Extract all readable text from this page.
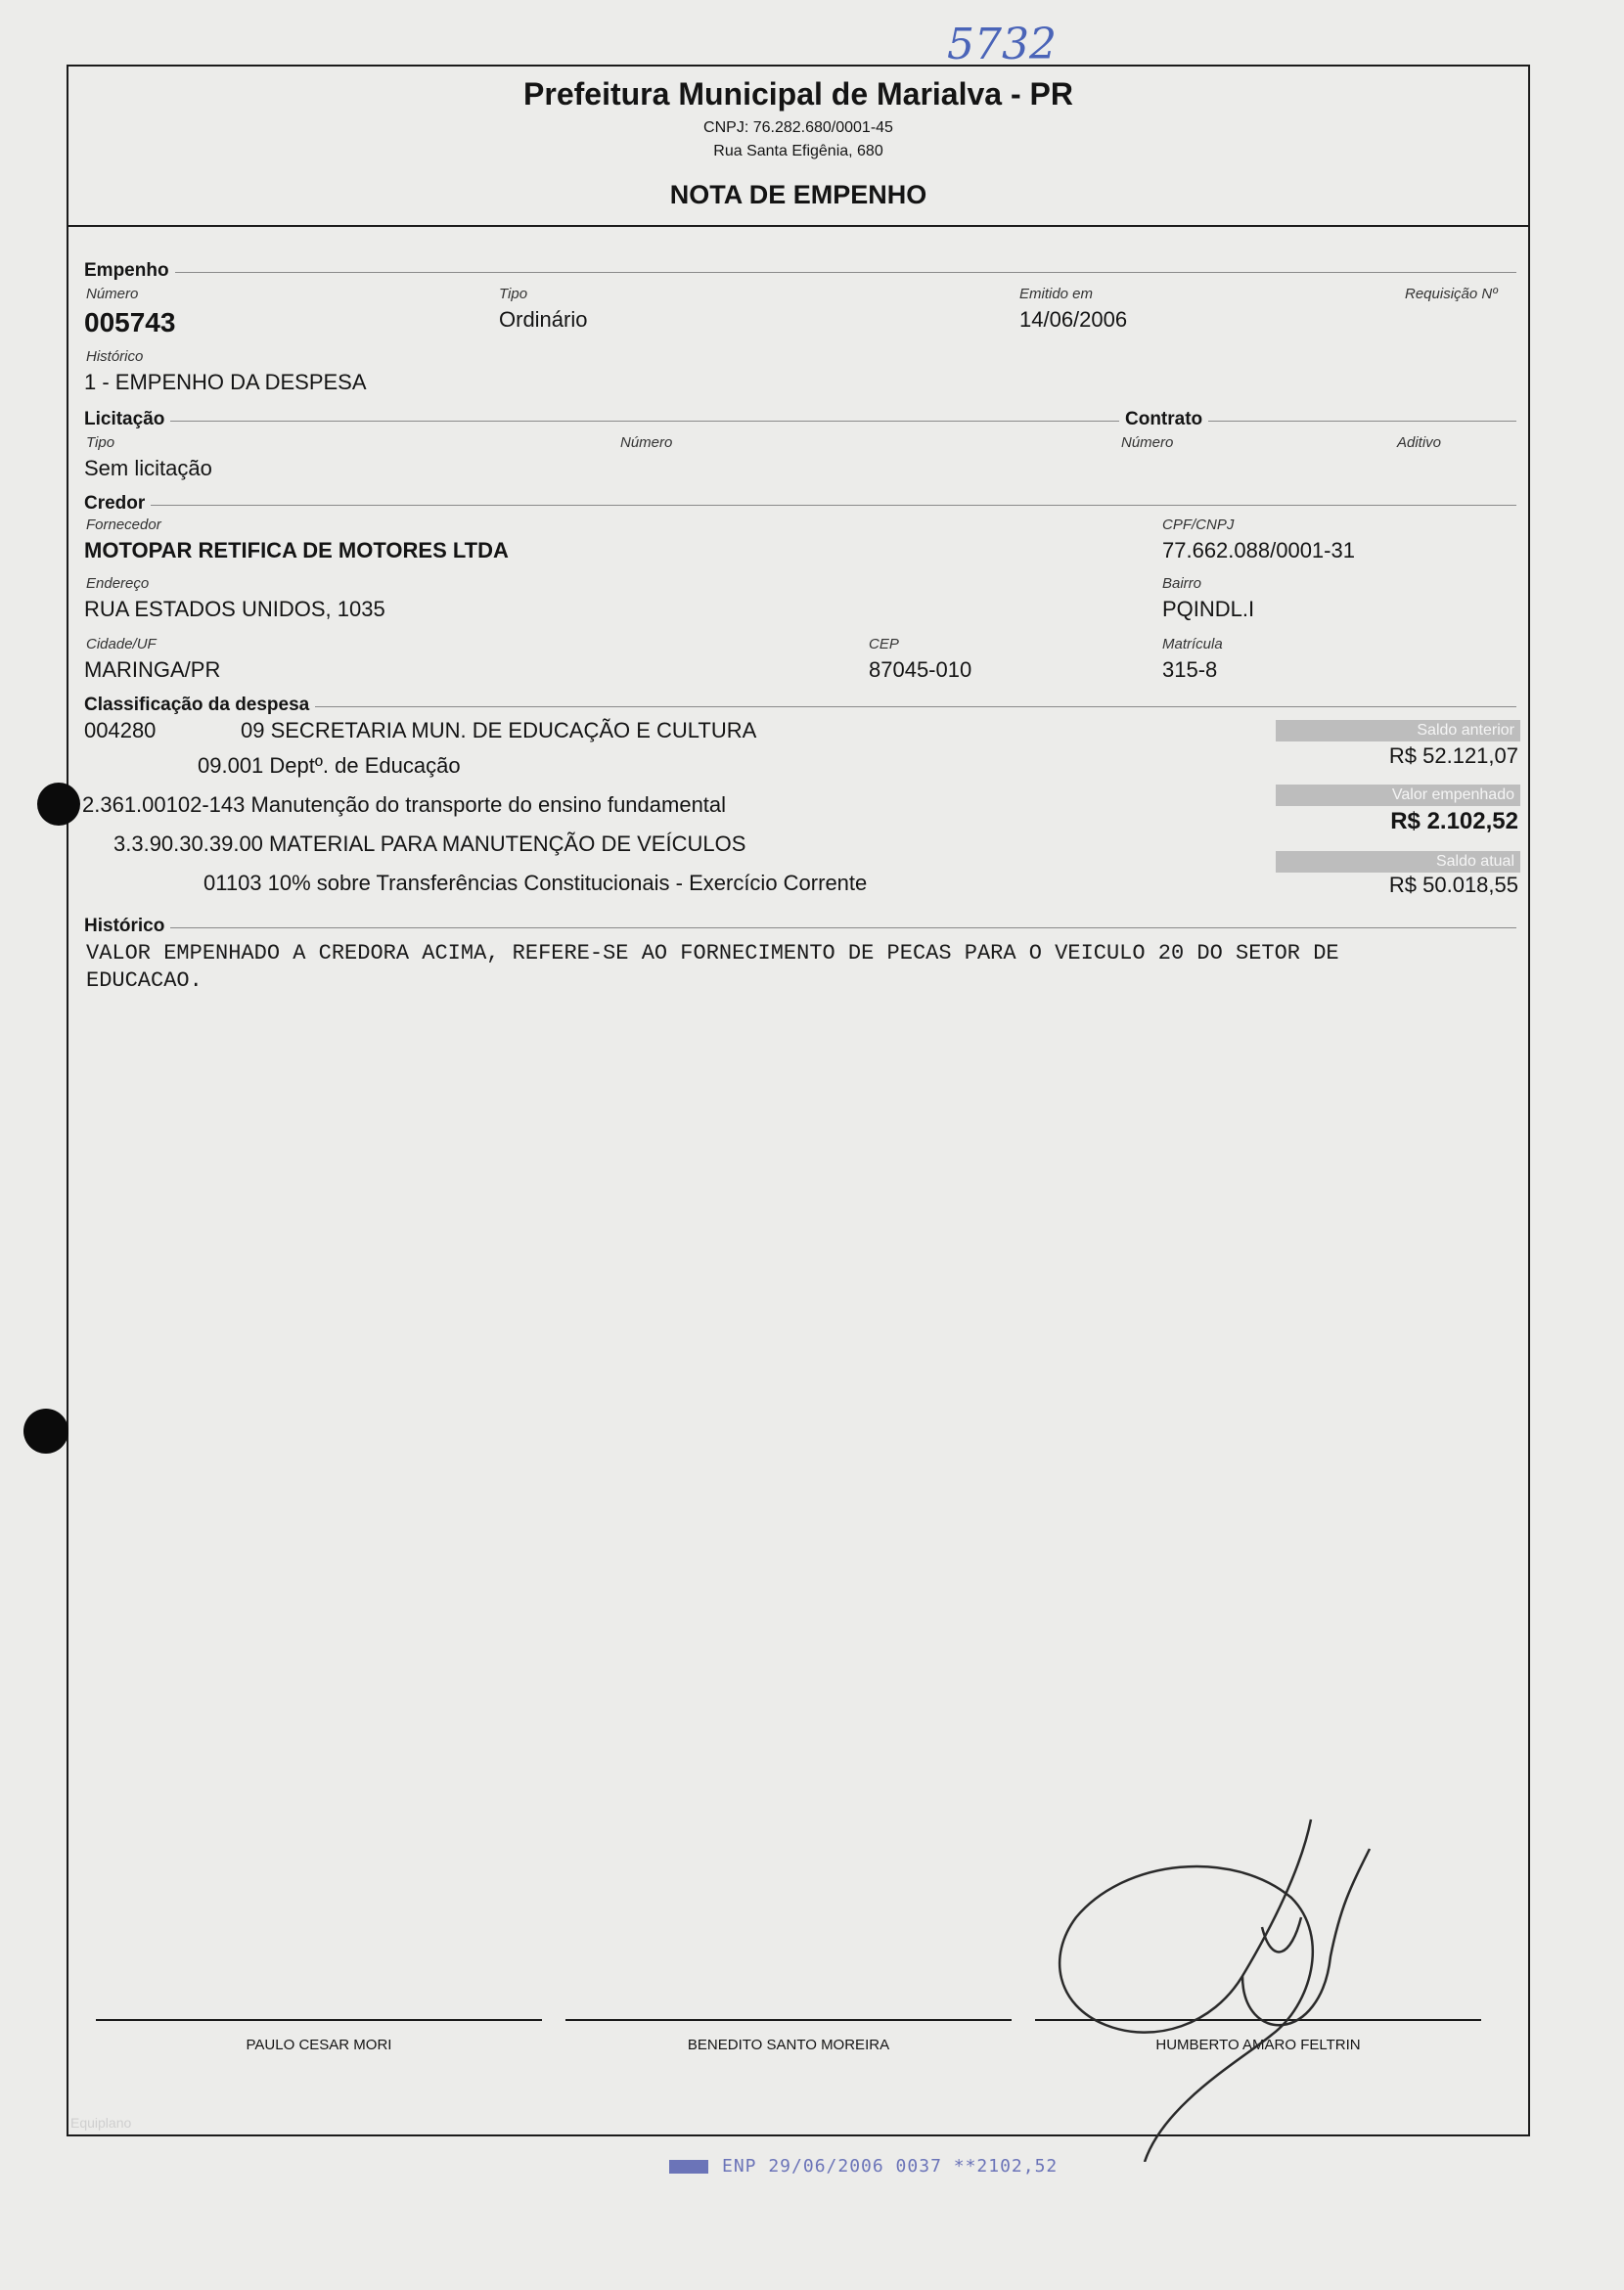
5732
Prefeitura Municipal de Marialva - PR
CNPJ: 76.282.680/0001-45
Rua Santa Efigênia, 680
NOTA DE EMPENHO
Empenho
Número
005743
Tipo
Ordinário
Emitido em
14/06/2006
Requisição Nº
Histórico
1 - EMPENHO DA DESPESA
Licitação	Contrato
Tipo
Sem licitação
Número	Número	Aditivo
Credor
Fornecedor
MOTOPAR RETIFICA DE MOTORES LTDA
CPF/CNPJ
77.662.088/0001-31
Endereço
RUA ESTADOS UNIDOS, 1035
Bairro
PQINDL.I
Cidade/UF
MARINGA/PR
CEP
87045-010
Matrícula
315-8
Classificação da despesa
004280	09 SECRETARIA MUN. DE EDUCAÇÃO E CULTURA
09.001 Deptº. de Educação
2.361.00102-143 Manutenção do transporte do ensino fundamental
3.3.90.30.39.00 MATERIAL PARA MANUTENÇÃO DE VEÍCULOS
01103 10% sobre Transferências Constitucionais - Exercício Corrente
Saldo anterior
R$ 52.121,07
Valor empenhado
R$ 2.102,52
Saldo atual
R$ 50.018,55
Histórico
VALOR EMPENHADO A CREDORA ACIMA, REFERE-SE AO FORNECIMENTO DE PECAS PARA O VEICULO 20 DO SETOR DE
EDUCACAO.
PAULO CESAR MORI	BENEDITO SANTO MOREIRA	HUMBERTO AMARO FELTRIN
Equiplano
ENP 29/06/2006 0037 **2102,52
